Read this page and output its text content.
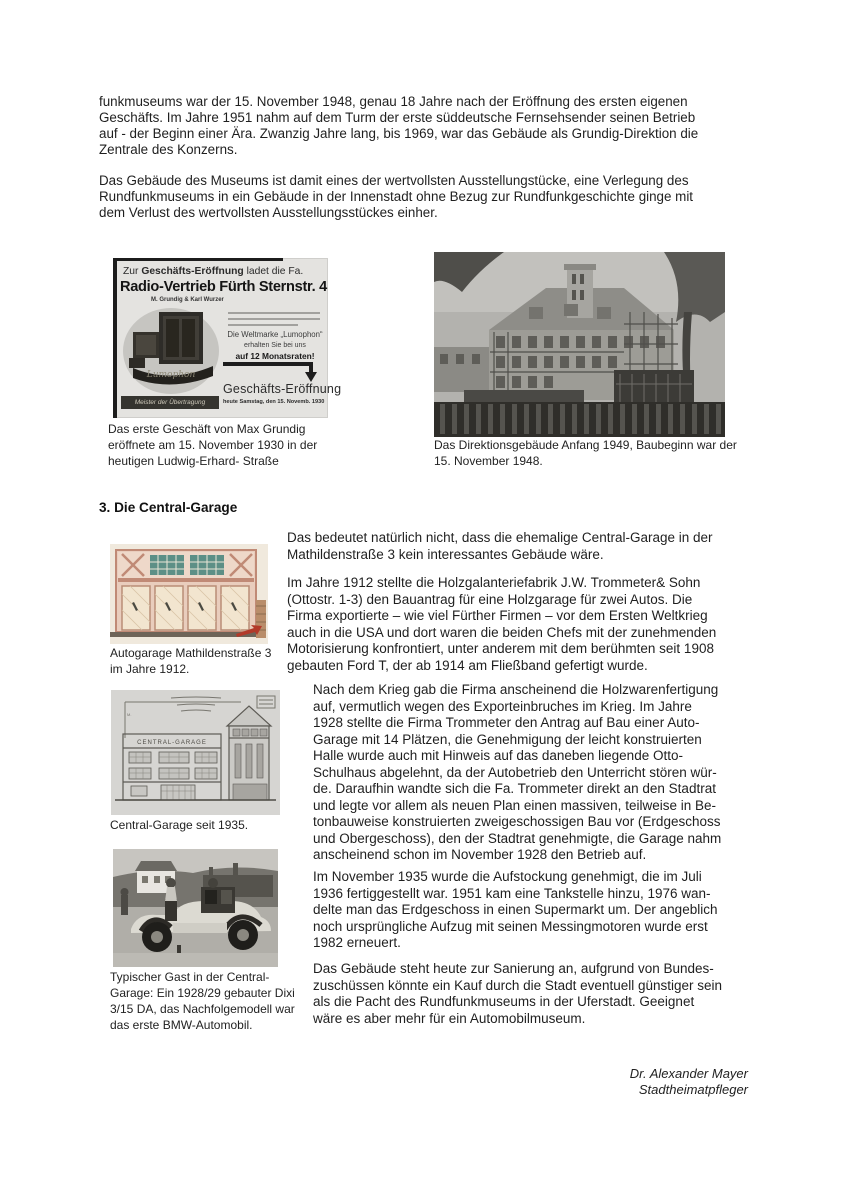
funkmuseums war der 15. November 1948, genau 18 Jahre nach der Eröffnung des ersten eigenen
Geschäfts. Im Jahre 1951 nahm auf dem Turm der erste süddeutsche Fernsehsender seinen Betrieb
auf - der Beginn einer Ära. Zwanzig Jahre lang, bis 1969, war das Gebäude als Grundig-Direktion die
Zentrale des Konzerns.
Das Gebäude des Museums ist damit eines der wertvollsten Ausstellungstücke, eine Verlegung des
Rundfunkmuseums in ein Gebäude in der Innenstadt ohne Bezug zur Rundfunkgeschichte ginge mit
dem Verlust des wertvollsten Ausstellungsstückes einher.
Zur Geschäfts-Eröffnung ladet die Fa.
Radio-Vertrieb Fürth Sternstr. 4
M. Grundig & Karl Wurzer
Lumophon
Meister der Übertragung
Die Weltmarke „Lumophon“
erhalten Sie bei uns
auf 12 Monatsraten!
Geschäfts-Eröffnung
heute Samstag, den 15. Novemb. 1930
Das erste Geschäft von Max Grundig
eröffnete am 15. November 1930 in der
heutigen Ludwig-Erhard- Straße
Das Direktionsgebäude Anfang 1949, Baubeginn war der
15. November 1948.
3. Die Central-Garage
Autogarage Mathildenstraße 3
im Jahre 1912.
M.
CENTRAL-GARAGE
Central-Garage seit 1935.
Typischer Gast in der Central-
Garage: Ein 1928/29 gebauter Dixi
3/15 DA, das Nachfolgemodell war
das erste BMW-Automobil.
Das bedeutet natürlich nicht, dass die ehemalige Central-Garage in der
Mathildenstraße 3 kein interessantes Gebäude wäre.
Im Jahre 1912 stellte die Holzgalanteriefabrik J.W. Trommeter& Sohn
(Ottostr. 1-3) den Bauantrag für eine Holzgarage für zwei Autos. Die
Firma exportierte – wie viel Fürther Firmen – vor dem Ersten Weltkrieg
auch in die USA und dort waren die beiden Chefs mit der zunehmenden
Motorisierung konfrontiert, unter anderem mit dem berühmten seit 1908
gebauten Ford T, der ab 1914 am Fließband gefertigt wurde.
Nach dem Krieg gab die Firma anscheinend die Holzwarenfertigung
auf, vermutlich wegen des Exporteinbruches im Krieg. Im Jahre
1928 stellte die Firma Trommeter den Antrag auf Bau einer Auto-
Garage mit 14 Plätzen, die Genehmigung der leicht konstruierten
Halle wurde auch mit Hinweis auf das daneben liegende Otto-
Schulhaus abgelehnt, da der Autobetrieb den Unterricht stören wür-
de. Daraufhin wandte sich die Fa. Trommeter direkt an den Stadtrat
und legte vor allem als neuen Plan einen massiven, teilweise in Be-
tonbauweise konstruierten zweigeschossigen Bau vor (Erdgeschoss
und Obergeschoss), den der Stadtrat genehmigte, die Garage nahm
anscheinend schon im November 1928 den Betrieb auf.
Im November 1935 wurde die Aufstockung genehmigt, die im Juli
1936 fertiggestellt war. 1951 kam eine Tankstelle hinzu, 1976 wan-
delte man das Erdgeschoss in einen Supermarkt um. Der angeblich
noch ursprüngliche Aufzug mit seinen Messingmotoren wurde erst
1982 erneuert.
Das Gebäude steht heute zur Sanierung an, aufgrund von Bundes-
zuschüssen könnte ein Kauf durch die Stadt eventuell günstiger sein
als die Pacht des Rundfunkmuseums in der Uferstadt. Geeignet
wäre es aber mehr für ein Automobilmuseum.
Dr. Alexander Mayer
Stadtheimatpfleger
